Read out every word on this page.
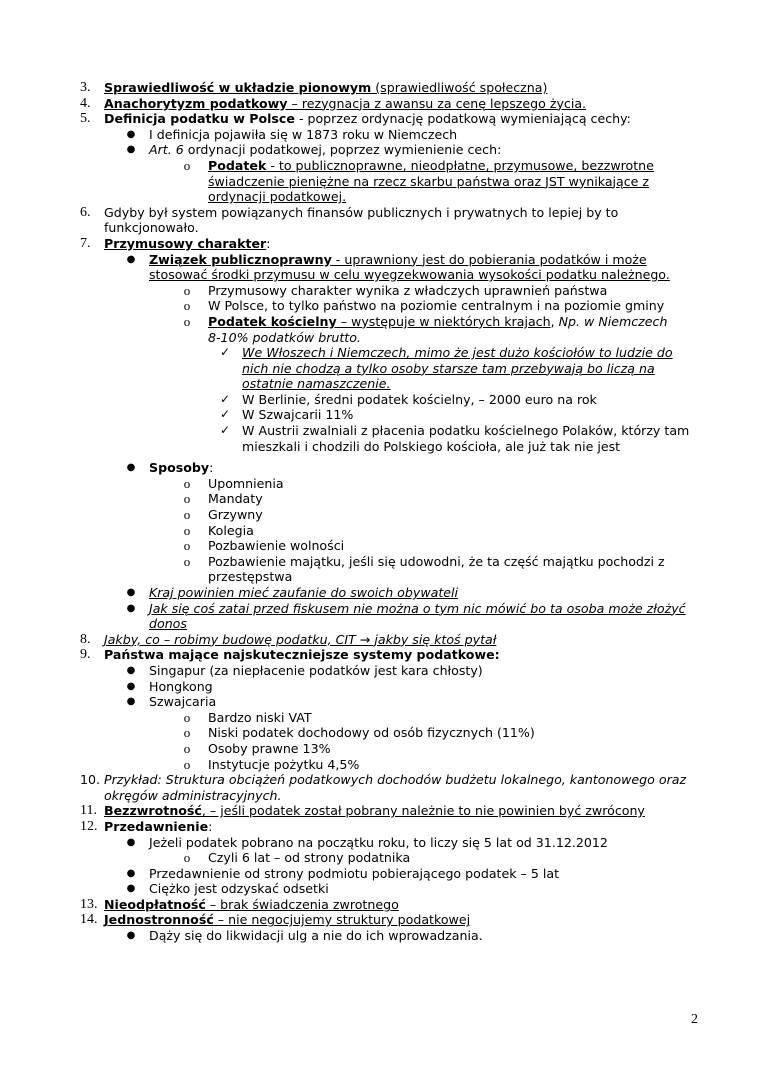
3.	Sprawiedliwość w układzie pionowym (sprawiedliwość społeczna)
4.	Anachorytyzm podatkowy – rezygnacja z awansu za cenę lepszego życia.
5.	Definicja podatku w Polsce - poprzez ordynację podatkową wymieniającą cechy:
● I definicja pojawiła się w 1873 roku w Niemczech
● Art. 6 ordynacji podatkowej, poprzez wymienienie cech:
o Podatek - to publicznoprawne, nieodpłatne, przymusowe, bezzwrotne
świadczenie pieniężne na rzecz skarbu państwa oraz JST wynikające z
ordynacji podatkowej.
6.	Gdyby był system powiązanych finansów publicznych i prywatnych to lepiej by to
funkcjonowało.
7.	Przymusowy charakter:
● Związek publicznoprawny - uprawniony jest do pobierania podatków i może
stosować środki przymusu w celu wyegzekwowania wysokości podatku należnego.
o Przymusowy charakter wynika z władczych uprawnień państwa
o W Polsce, to tylko państwo na poziomie centralnym i na poziomie gminy
o Podatek kościelny – występuje w niektórych krajach, Np. w Niemczech
8-10% podatków brutto.
✓ We Włoszech i Niemczech, mimo że jest dużo kościołów to ludzie do
nich nie chodzą a tylko osoby starsze tam przebywają bo liczą na
ostatnie namaszczenie.
✓ W Berlinie, średni podatek kościelny, – 2000 euro na rok
✓ W Szwajcarii 11%
✓ W Austrii zwalniali z płacenia podatku kościelnego Polaków, którzy tam
mieszkali i chodzili do Polskiego kościoła, ale już tak nie jest
● Sposoby:
o Upomnienia
o Mandaty
o Grzywny
o Kolegia
o Pozbawienie wolności
o Pozbawienie majątku, jeśli się udowodni, że ta część majątku pochodzi z
przestępstwa
● Kraj powinien mieć zaufanie do swoich obywateli
● Jak się coś zatai przed fiskusem nie można o tym nic mówić bo ta osoba może złożyć
donos
8.	Jakby, co – robimy budowę podatku, CIT → jakby się ktoś pytał
9.	Państwa mające najskuteczniejsze systemy podatkowe:
● Singapur (za niepłacenie podatków jest kara chłosty)
● Hongkong
● Szwajcaria
o Bardzo niski VAT
o Niski podatek dochodowy od osób fizycznych (11%)
o Osoby prawne 13%
o Instytucje pożytku 4,5%
10. Przykład: Struktura obciążeń podatkowych dochodów budżetu lokalnego, kantonowego oraz
okręgów administracyjnych.
11. Bezzwrotność, – jeśli podatek został pobrany należnie to nie powinien być zwrócony
12. Przedawnienie:
● Jeżeli podatek pobrano na początku roku, to liczy się 5 lat od 31.12.2012
o Czyli 6 lat – od strony podatnika
● Przedawnienie od strony podmiotu pobierającego podatek – 5 lat
● Ciężko jest odzyskać odsetki
13. Nieodpłatność – brak świadczenia zwrotnego
14. Jednostronność – nie negocjujemy struktury podatkowej
● Dąży się do likwidacji ulg a nie do ich wprowadzania.
2
